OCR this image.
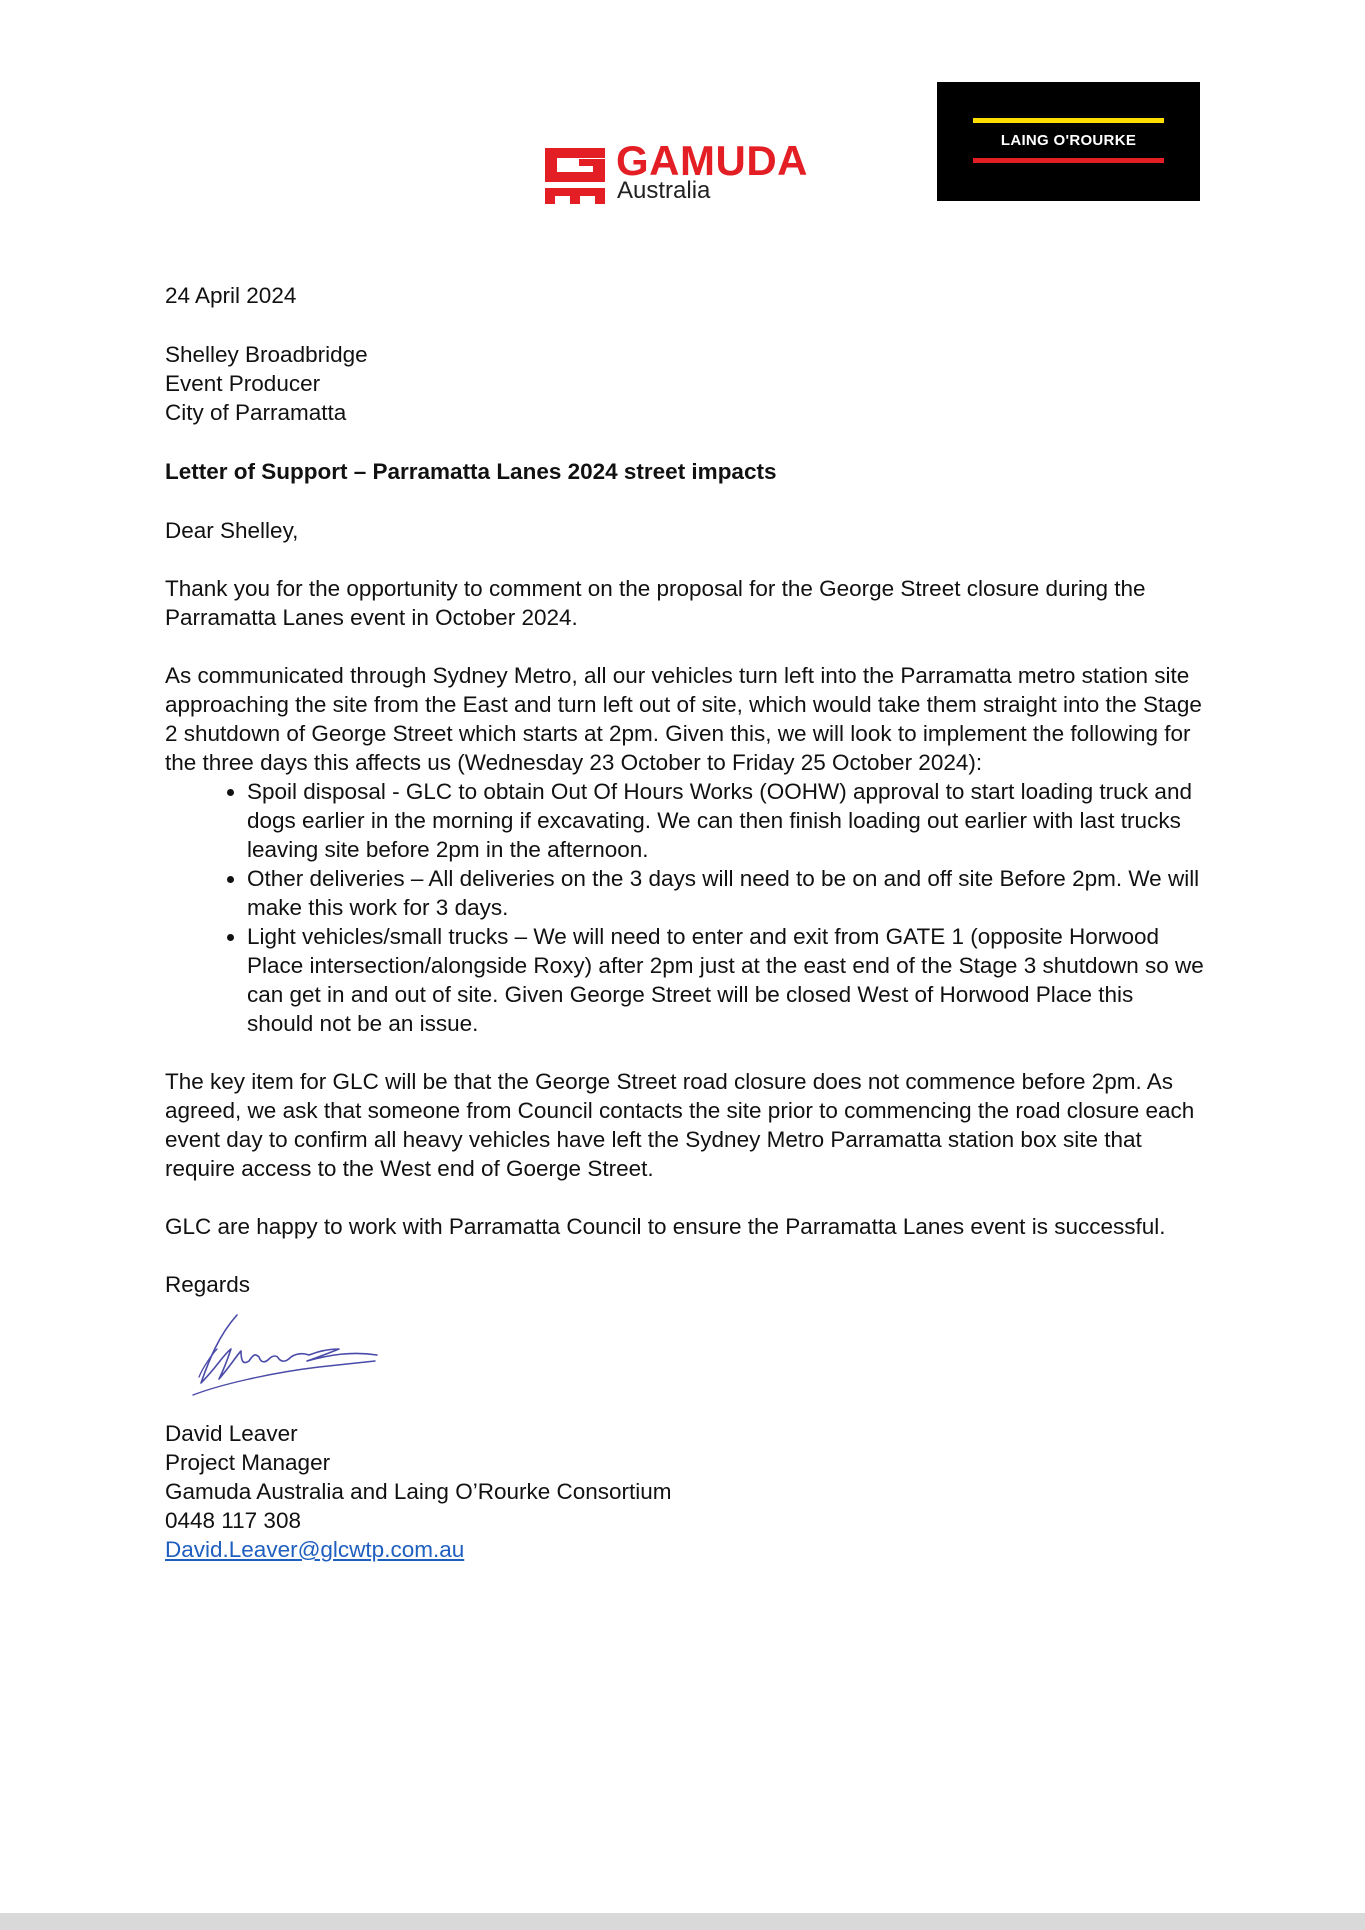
GAMUDA
Australia
LAING O'ROURKE

24 April 2024

Shelley Broadbridge

Event Producer

City of Parramatta

Letter of Support – Parramatta Lanes 2024 street impacts

Dear Shelley,

Thank you for the opportunity to comment on the proposal for the George Street closure during the Parramatta Lanes event in October 2024.

As communicated through Sydney Metro, all our vehicles turn left into the Parramatta metro station site approaching the site from the East and turn left out of site, which would take them straight into the Stage 2 shutdown of George Street which starts at 2pm. Given this, we will look to implement the following for the three days this affects us (Wednesday 23 October to Friday 25 October 2024):

• Spoil disposal - GLC to obtain Out Of Hours Works (OOHW) approval to start loading truck and dogs earlier in the morning if excavating. We can then finish loading out earlier with last trucks leaving site before 2pm in the afternoon.
• Other deliveries – All deliveries on the 3 days will need to be on and off site Before 2pm. We will make this work for 3 days.
• Light vehicles/small trucks – We will need to enter and exit from GATE 1 (opposite Horwood Place intersection/alongside Roxy) after 2pm just at the east end of the Stage 3 shutdown so we can get in and out of site. Given George Street will be closed West of Horwood Place this should not be an issue.

The key item for GLC will be that the George Street road closure does not commence before 2pm. As agreed, we ask that someone from Council contacts the site prior to commencing the road closure each event day to confirm all heavy vehicles have left the Sydney Metro Parramatta station box site that require access to the West end of Goerge Street.

GLC are happy to work with Parramatta Council to ensure the Parramatta Lanes event is successful.

Regards

David Leaver

Project Manager

Gamuda Australia and Laing O’Rourke Consortium

0448 117 308

David.Leaver@glcwtp.com.au
